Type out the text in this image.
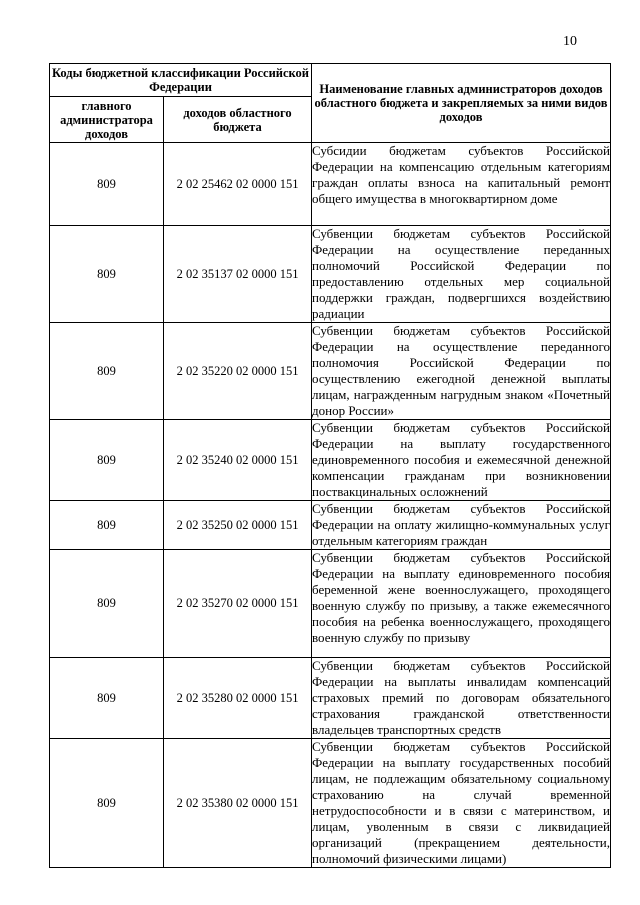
10
Коды бюджетной классификации Российской Федерации		Наименование главных администраторов доходов областного бюджета и закрепляемых за ними видов доходов
главного администратора доходов	доходов областного бюджета	
809	2 02 25462 02 0000 151	Субсидии бюджетам субъектов Российской Федерации на компенсацию отдельным категориям граждан оплаты взноса на капитальный ремонт общего имущества в многоквартирном доме
809	2 02 35137 02 0000 151	Субвенции бюджетам субъектов Российской Федерации на осуществление переданных полномочий Российской Федерации по предоставлению отдельных мер социальной поддержки граждан, подвергшихся воздействию радиации
809	2 02 35220 02 0000 151	Субвенции бюджетам субъектов Российской Федерации на осуществление переданного полномочия Российской Федерации по осуществлению ежегодной денежной выплаты лицам, награжденным нагрудным знаком «Почетный донор России»
809	2 02 35240 02 0000 151	Субвенции бюджетам субъектов Российской Федерации на выплату государственного единовременного пособия и ежемесячной денежной компенсации гражданам при возникновении поствакцинальных осложнений
809	2 02 35250 02 0000 151	Субвенции бюджетам субъектов Российской Федерации на оплату жилищно-коммунальных услуг отдельным категориям граждан
809	2 02 35270 02 0000 151	Субвенции бюджетам субъектов Российской Федерации на выплату единовременного пособия беременной жене военнослужащего, проходящего военную службу по призыву, а также ежемесячного пособия на ребенка военнослужащего, проходящего военную службу по призыву
809	2 02 35280 02 0000 151	Субвенции бюджетам субъектов Российской Федерации на выплаты инвалидам компенсаций страховых премий по договорам обязательного страхования гражданской ответственности владельцев транспортных средств
809	2 02 35380 02 0000 151	Субвенции бюджетам субъектов Российской Федерации на выплату государственных пособий лицам, не подлежащим обязательному социальному страхованию на случай временной нетрудоспособности и в связи с материнством, и лицам, уволенным в связи с ликвидацией организаций (прекращением деятельности, полномочий физическими лицами)
